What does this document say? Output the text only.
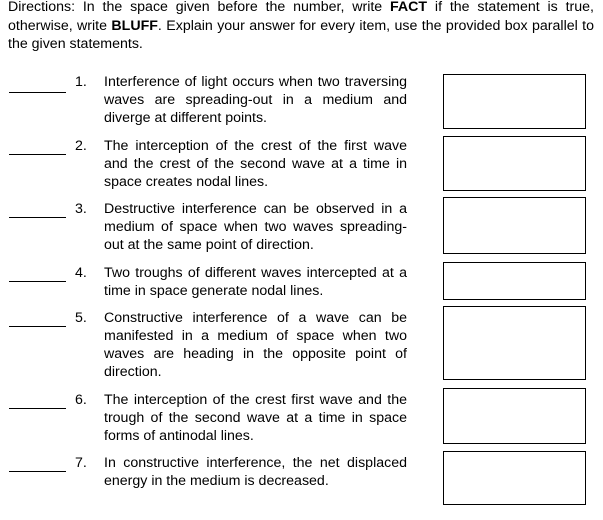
Directions: In the space given before the number, write FACT if the statement is true, otherwise, write BLUFF. Explain your answer for every item, use the provided box parallel to the given statements.
1. Interference of light occurs when two traversing waves are spreading-out in a medium and diverge at different points.
2. The interception of the crest of the first wave and the crest of the second wave at a time in space creates nodal lines.
3. Destructive interference can be observed in a medium of space when two waves spreading-out at the same point of direction.
4. Two troughs of different waves intercepted at a time in space generate nodal lines.
5. Constructive interference of a wave can be manifested in a medium of space when two waves are heading in the opposite point of direction.
6. The interception of the crest first wave and the trough of the second wave at a time in space forms of antinodal lines.
7. In constructive interference, the net displaced energy in the medium is decreased.
